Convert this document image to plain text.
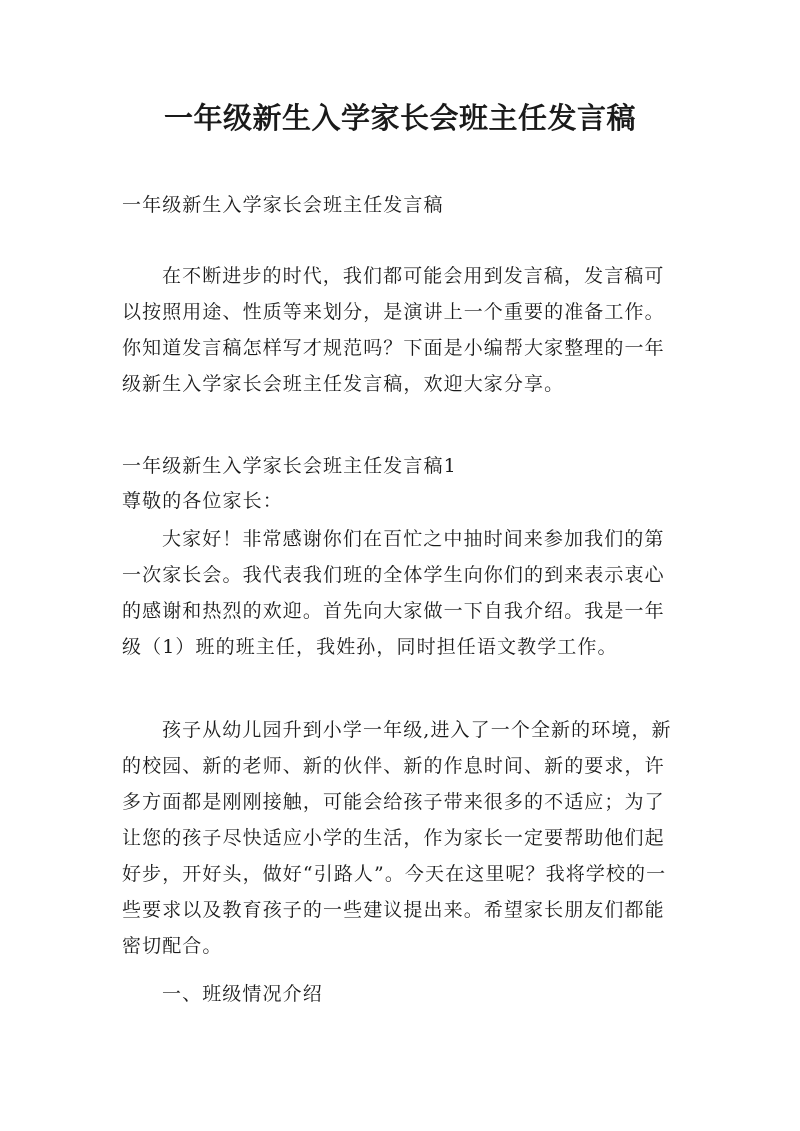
一年级新生入学家长会班主任发言稿

一年级新生入学家长会班主任发言稿

在不断进步的时代，我们都可能会用到发言稿，发言稿可以按照用途、性质等来划分，是演讲上一个重要的准备工作。你知道发言稿怎样写才规范吗？下面是小编帮大家整理的一年级新生入学家长会班主任发言稿，欢迎大家分享。

一年级新生入学家长会班主任发言稿1

尊敬的各位家长：

大家好！非常感谢你们在百忙之中抽时间来参加我们的第一次家长会。我代表我们班的全体学生向你们的到来表示衷心的感谢和热烈的欢迎。首先向大家做一下自我介绍。我是一年级（1）班的班主任，我姓孙，同时担任语文教学工作。

孩子从幼儿园升到小学一年级,进入了一个全新的环境，新的校园、新的老师、新的伙伴、新的作息时间、新的要求，许多方面都是刚刚接触，可能会给孩子带来很多的不适应；为了让您的孩子尽快适应小学的生活，作为家长一定要帮助他们起好步，开好头，做好“引路人”。今天在这里呢？我将学校的一些要求以及教育孩子的一些建议提出来。希望家长朋友们都能密切配合。

一、班级情况介绍
